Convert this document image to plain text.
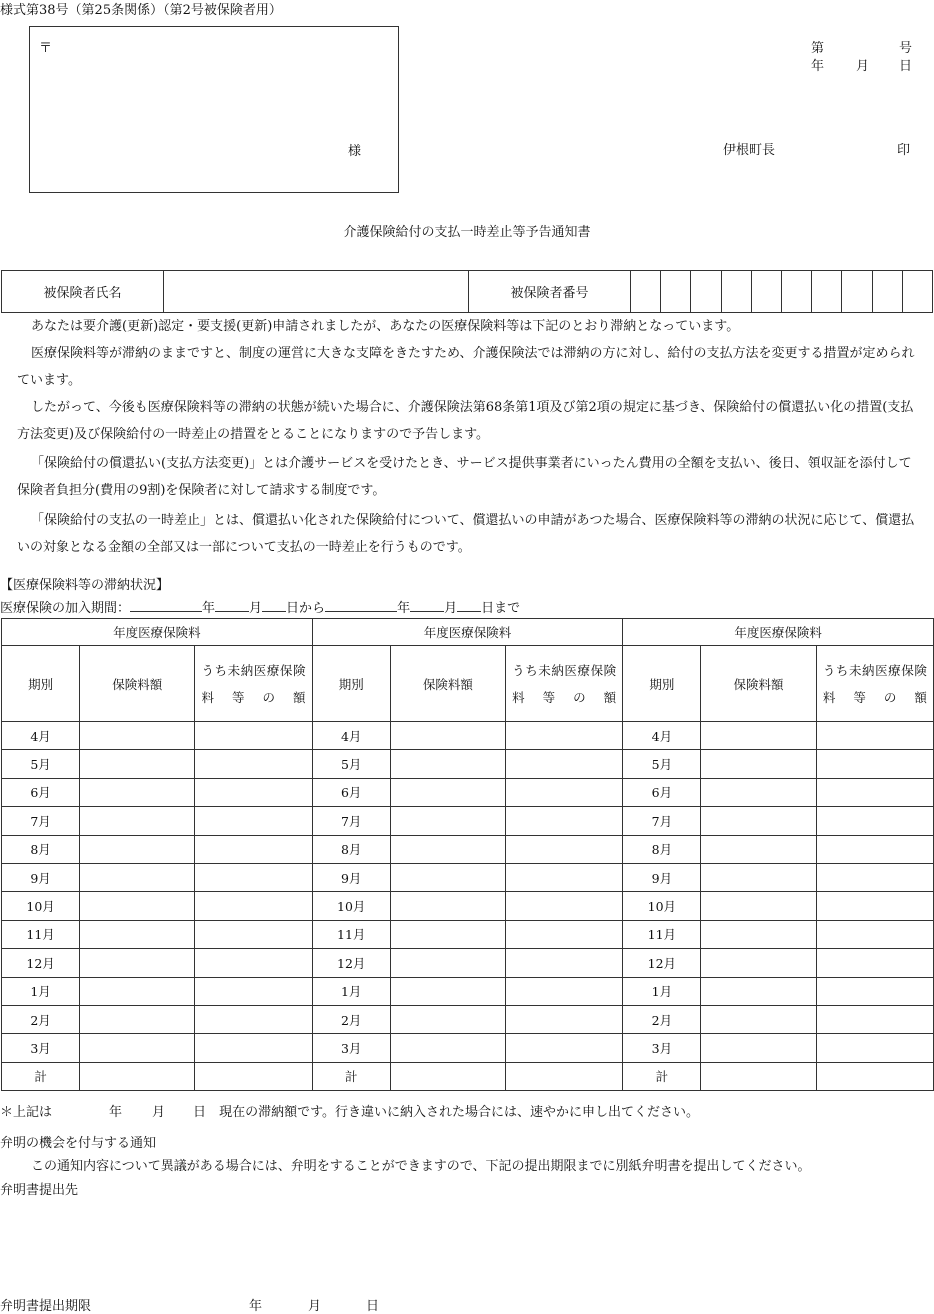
様式第38号（第25条関係）（第2号被保険者用）
〒
様
第	号
年 月 日
伊根町長	印
介護保険給付の支払一時差止等予告通知書
被保険者氏名		被保険者番号										
あなたは要介護(更新)認定・要支援(更新)申請されましたが、あなたの医療保険料等は下記のとおり滞納となっています。
医療保険料等が滞納のままですと、制度の運営に大きな支障をきたすため、介護保険法では滞納の方に対し、給付の支払方法を変更する措置が定められています。
したがって、今後も医療保険料等の滞納の状態が続いた場合に、介護保険法第68条第1項及び第2項の規定に基づき、保険給付の償還払い化の措置(支払方法変更)及び保険給付の一時差止の措置をとることになりますので予告します。
「保険給付の償還払い(支払方法変更)」とは介護サービスを受けたとき、サービス提供事業者にいったん費用の全額を支払い、後日、領収証を添付して保険者負担分(費用の9割)を保険者に対して請求する制度です。
「保険給付の支払の一時差止」とは、償還払い化された保険給付について、償還払いの申請があつた場合、医療保険料等の滞納の状況に応じて、償還払いの対象となる金額の全部又は一部について支払の一時差止を行うものです。
【医療保険料等の滞納状況】
医療保険の加入期間：	年	月 日から	年	月 日まで
年度医療保険料			年度医療保険料			年度医療保険料		
期別	保険料額	うち未納医療保険料等の額	期別	保険料額	うち未納医療保険料等の額	期別	保険料額	うち未納医療保険料等の額
4月			4月			4月		
5月			5月			5月		
6月			6月			6月		
7月			7月			7月		
8月			8月			8月		
9月			9月			9月		
10月			10月			10月		
11月			11月			11月		
12月			12月			12月		
1月			1月			1月		
2月			2月			2月		
3月			3月			3月		
計			計			計		
＊上記は	年 月 日 現在の滞納額です。行き違いに納入された場合には、速やかに申し出てください。
弁明の機会を付与する通知
この通知内容について異議がある場合には、弁明をすることができますので、下記の提出期限までに別紙弁明書を提出してください。
弁明書提出先
弁明書提出期限	年	月	日
